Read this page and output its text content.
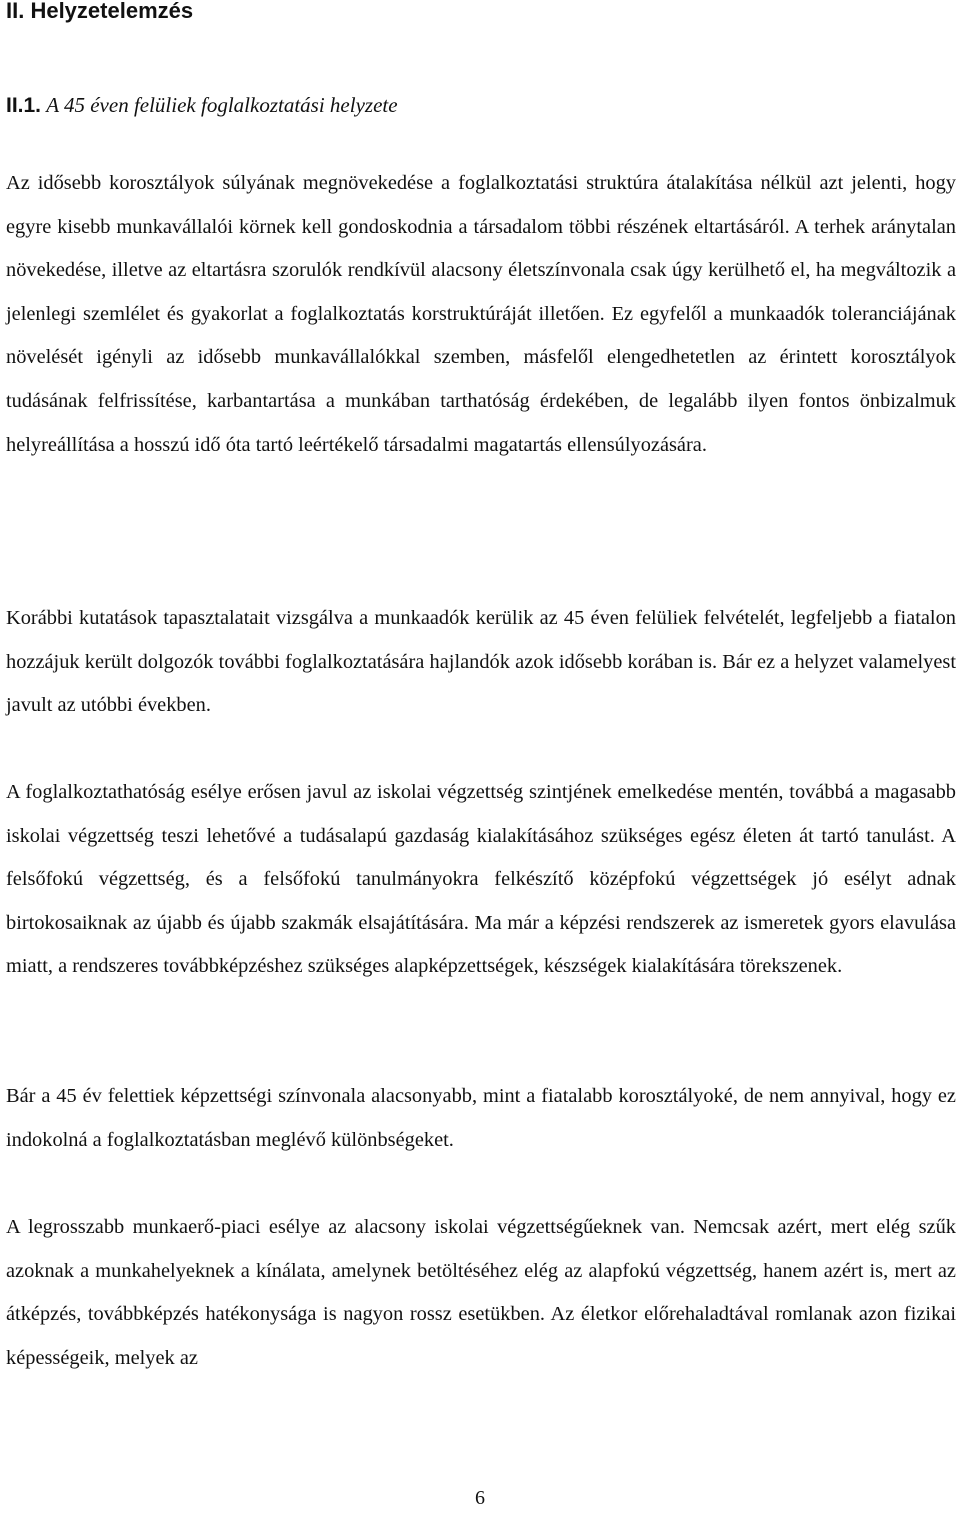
II. Helyzetelemzés
II.1. A 45 éven felüliek foglalkoztatási helyzete

Az idősebb korosztályok súlyának megnövekedése a foglalkoztatási struktúra átalakítása nélkül azt jelenti, hogy egyre kisebb munkavállalói körnek kell gondoskodnia a társadalom többi részének eltartásáról. A terhek aránytalan növekedése, illetve az eltartásra szorulók rendkívül alacsony életszínvonala csak úgy kerülhető el, ha megváltozik a jelenlegi szemlélet és gyakorlat a foglalkoztatás korstruktúráját illetően. Ez egyfelől a munkaadók toleranciájának növelését igényli az idősebb munkavállalókkal szemben, másfelől elengedhetetlen az érintett korosztályok tudásának felfrissítése, karbantartása a munkában tarthatóság érdekében, de legalább ilyen fontos önbizalmuk helyreállítása a hosszú idő óta tartó leértékelő társadalmi magatartás ellensúlyozására.

Korábbi kutatások tapasztalatait vizsgálva a munkaadók kerülik az 45 éven felüliek felvételét, legfeljebb a fiatalon hozzájuk került dolgozók további foglalkoztatására hajlandók azok idősebb korában is. Bár ez a helyzet valamelyest javult az utóbbi években.

A foglalkoztathatóság esélye erősen javul az iskolai végzettség szintjének emelkedése mentén, továbbá a magasabb iskolai végzettség teszi lehetővé a tudásalapú gazdaság kialakításához szükséges egész életen át tartó tanulást. A felsőfokú végzettség, és a felsőfokú tanulmányokra felkészítő középfokú végzettségek jó esélyt adnak birtokosaiknak az újabb és újabb szakmák elsajátítására. Ma már a képzési rendszerek az ismeretek gyors elavulása miatt, a rendszeres továbbképzéshez szükséges alapképzettségek, készségek kialakítására törekszenek.

Bár a 45 év felettiek képzettségi színvonala alacsonyabb, mint a fiatalabb korosztályoké, de nem annyival, hogy ez indokolná a foglalkoztatásban meglévő különbségeket.

A legrosszabb munkaerő-piaci esélye az alacsony iskolai végzettségűeknek van. Nemcsak azért, mert elég szűk azoknak a munkahelyeknek a kínálata, amelynek betöltéséhez elég az alapfokú végzettség, hanem azért is, mert az átképzés, továbbképzés hatékonysága is nagyon rossz esetükben. Az életkor előrehaladtával romlanak azon fizikai képességeik, melyek az

6
